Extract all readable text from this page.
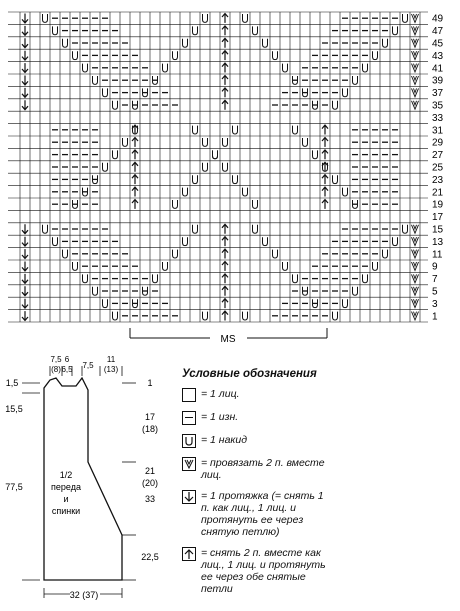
49
47
45
43
41
39
37
35
33
31
29
27
25
23
21
19
17
15
13
11
9
7
5
3
1
MS
7,5
(8)
6
6,5 7,5
11
(13)
1,5
15,5
77,5
1
17
(18)
21
(20)
33
22,5
1/2
переда
и
спинки
32 (37)
Условные обозначения
= 1 лиц.
= 1 изн.
= 1 накид
= провязать 2 п. вместе лиц.
= 1 протяжка (= снять 1 п. как лиц., 1 лиц. и протянуть ее через снятую петлю)
= снять 2 п. вместе как лиц., 1 лиц. и протянуть ее через обе снятые петли
